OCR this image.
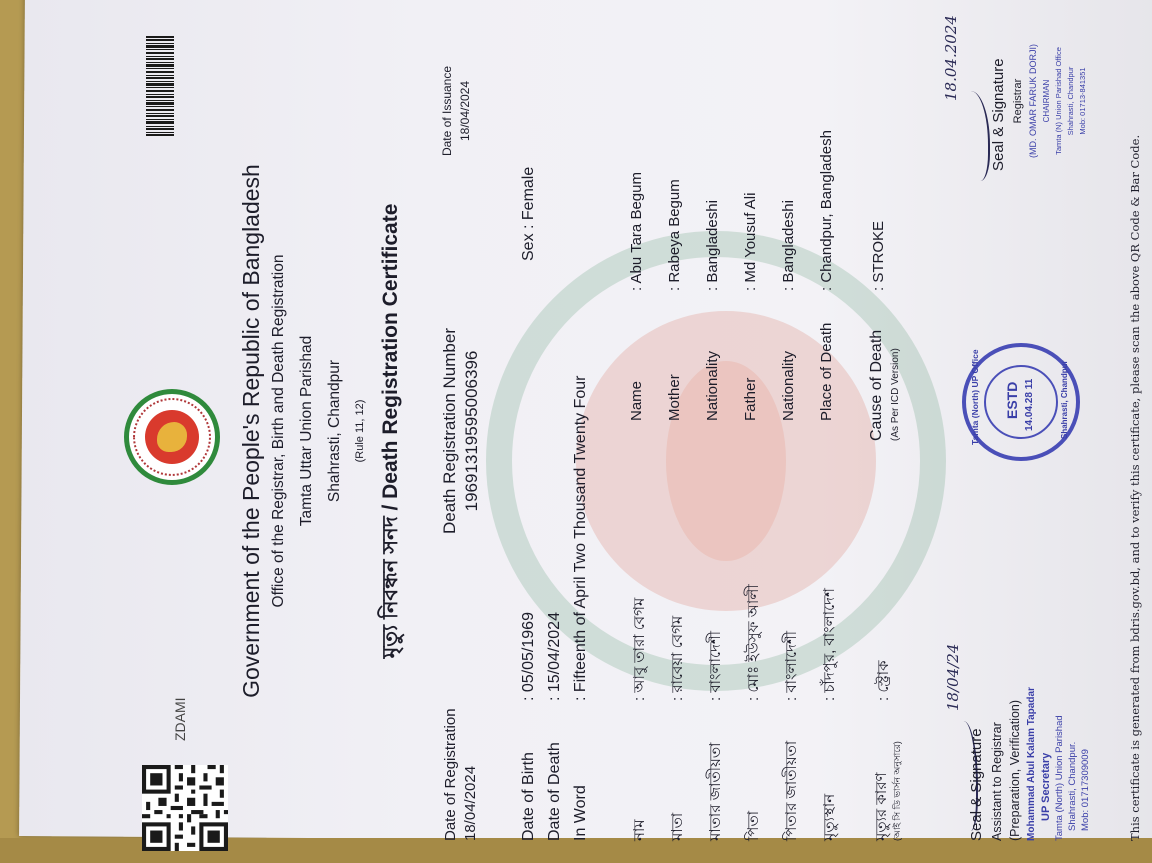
ZDAMI
Government of the People's Republic of Bangladesh Office of the Registrar, Birth and Death Registration Tamta Uttar Union Parishad Shahrasti, Chandpur (Rule 11, 12) মৃত্যু নিবন্ধন সনদ / Death Registration Certificate
Date of Registration 18/04/2024
Death Registration Number 19691319595006396
Date of Issuance 18/04/2024
Date of Birth
: 05/05/1969
Sex : Female
Date of Death
: 15/04/2024
In Word
: Fifteenth of April Two Thousand Twenty Four
নাম
: আবু তারা বেগম
Name
: Abu Tara Begum
মাতা
: রাবেয়া বেগম
Mother
: Rabeya Begum
মাতার জাতীয়তা
: বাংলাদেশী
Nationality
: Bangladeshi
পিতা
: মোঃ ইউসুফ আলী
Father
: Md Yousuf Ali
পিতার জাতীয়তা
: বাংলাদেশী
Nationality
: Bangladeshi
মৃত্যুস্থান
: চাঁদপুর, বাংলাদেশ
Place of Death
: Chandpur, Bangladesh
মৃত্যুর কারণ (আই সি ডি ভার্সন অনুসারে)
: স্ট্রোক
Cause of Death (As Per ICD Version)
: STROKE
18/04/24
Seal & Signature Assistant to Registrar (Preparation, Verification) Mohammad Abul Kalam Tapadar UP Secretary Tamta (North) Union Parishad Shahrasti, Chandpur. Mob: 01717309009
Tamta (North) UP Office ESTD 14.04.28 11	Shahrasti, Chandpur
18.04.2024
Seal & Signature Registrar (MD. OMAR FARUK DORJI) CHAIRMAN Tamta (N) Union Parishad Office Shahrasti, Chandpur Mob: 01713-841351
This certificate is generated from bdris.gov.bd, and to verify this certificate, please scan the above QR Code & Bar Code.
